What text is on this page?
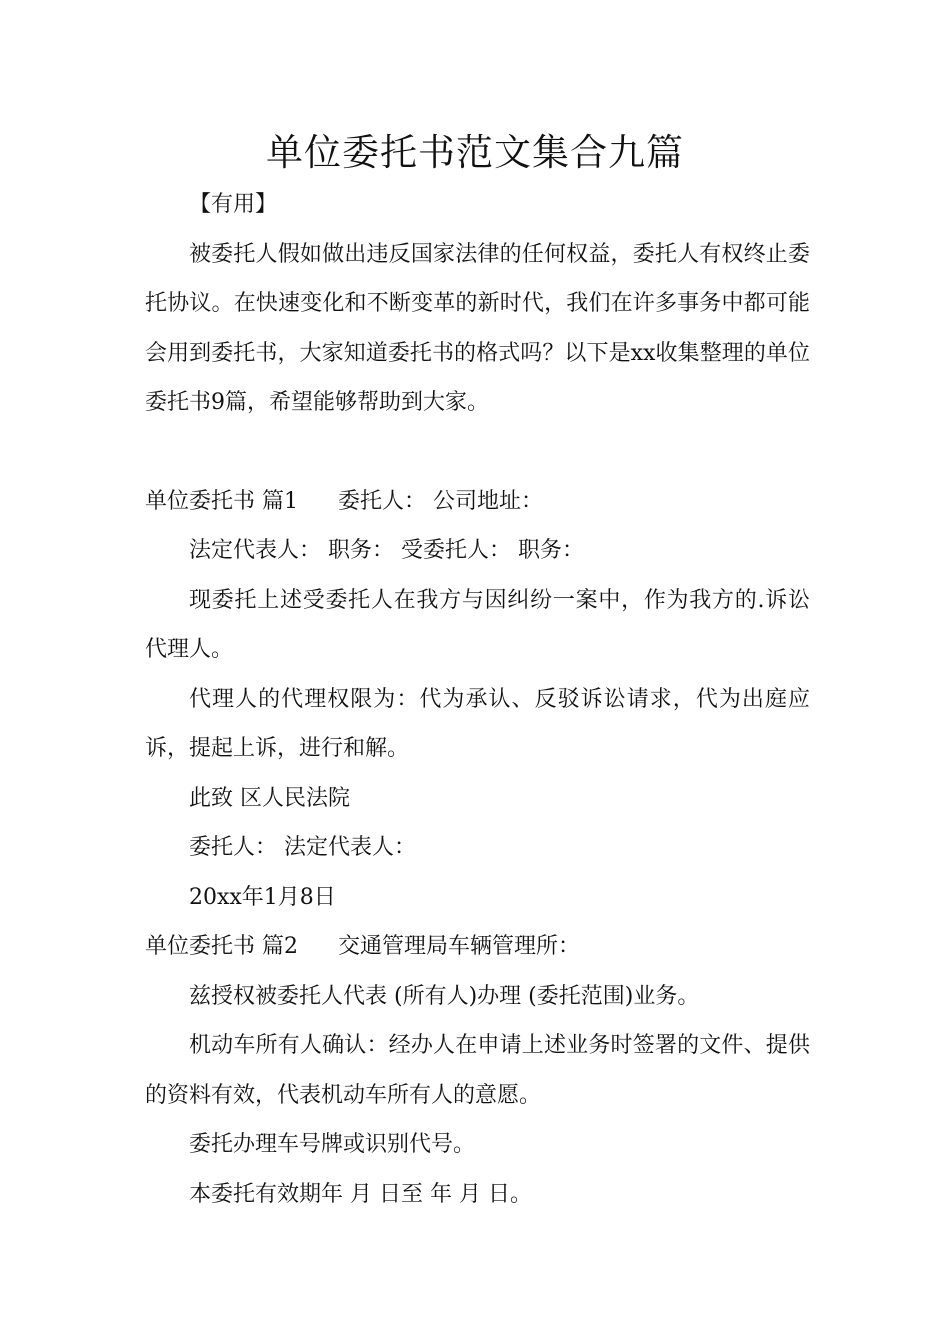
单位委托书范文集合九篇

【有用】

被委托人假如做出违反国家法律的任何权益，委托人有权终止委托协议。在快速变化和不断变革的新时代，我们在许多事务中都可能会用到委托书，大家知道委托书的格式吗？以下是xx收集整理的单位委托书9篇，希望能够帮助到大家。

单位委托书 篇1 委托人： 公司地址：

法定代表人： 职务： 受委托人： 职务：

现委托上述受委托人在我方与因纠纷一案中，作为我方的.诉讼代理人。

代理人的代理权限为：代为承认、反驳诉讼请求，代为出庭应诉，提起上诉，进行和解。

此致 区人民法院

委托人： 法定代表人：

20xx年1月8日

单位委托书 篇2 交通管理局车辆管理所：

兹授权被委托人代表 (所有人)办理 (委托范围)业务。

机动车所有人确认：经办人在申请上述业务时签署的文件、提供的资料有效，代表机动车所有人的意愿。

委托办理车号牌或识别代号。

本委托有效期年 月 日至 年 月 日。
